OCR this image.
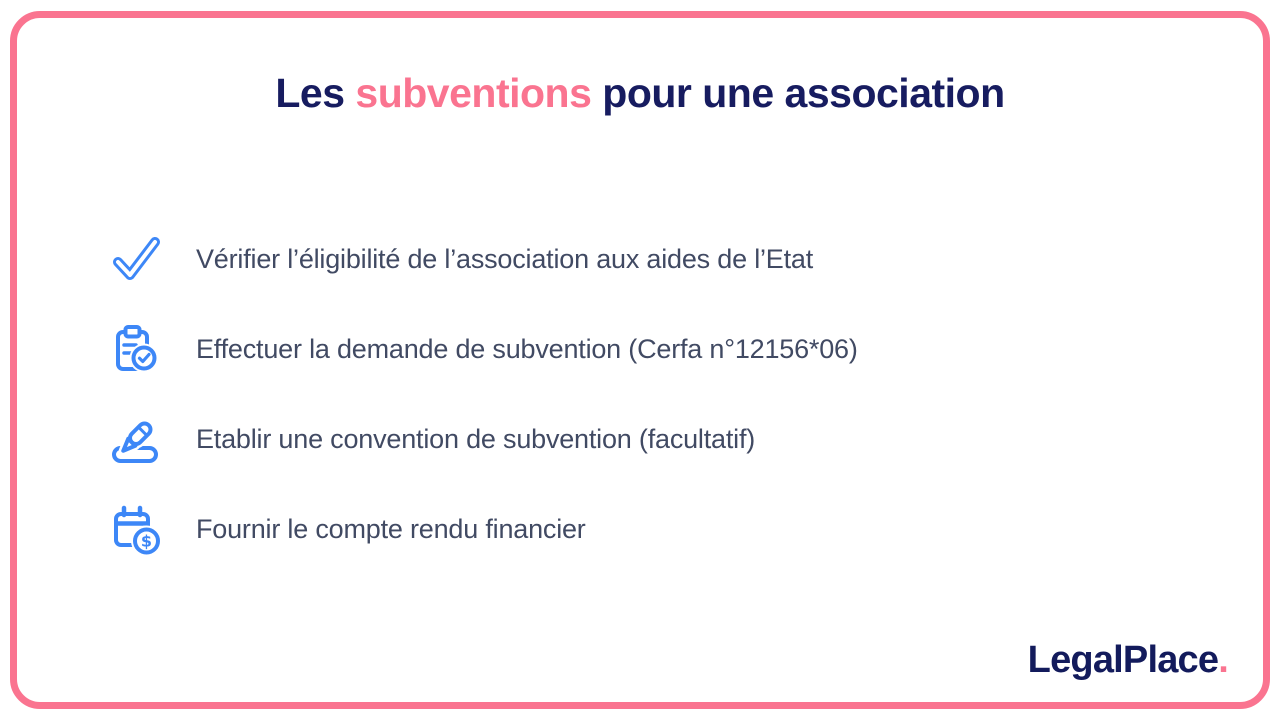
Les subventions pour une association
Vérifier l’éligibilité de l’association aux aides de l’Etat
Effectuer la demande de subvention (Cerfa n°12156*06)
Etablir une convention de subvention (facultatif)
Fournir le compte rendu financier
LegalPlace.
